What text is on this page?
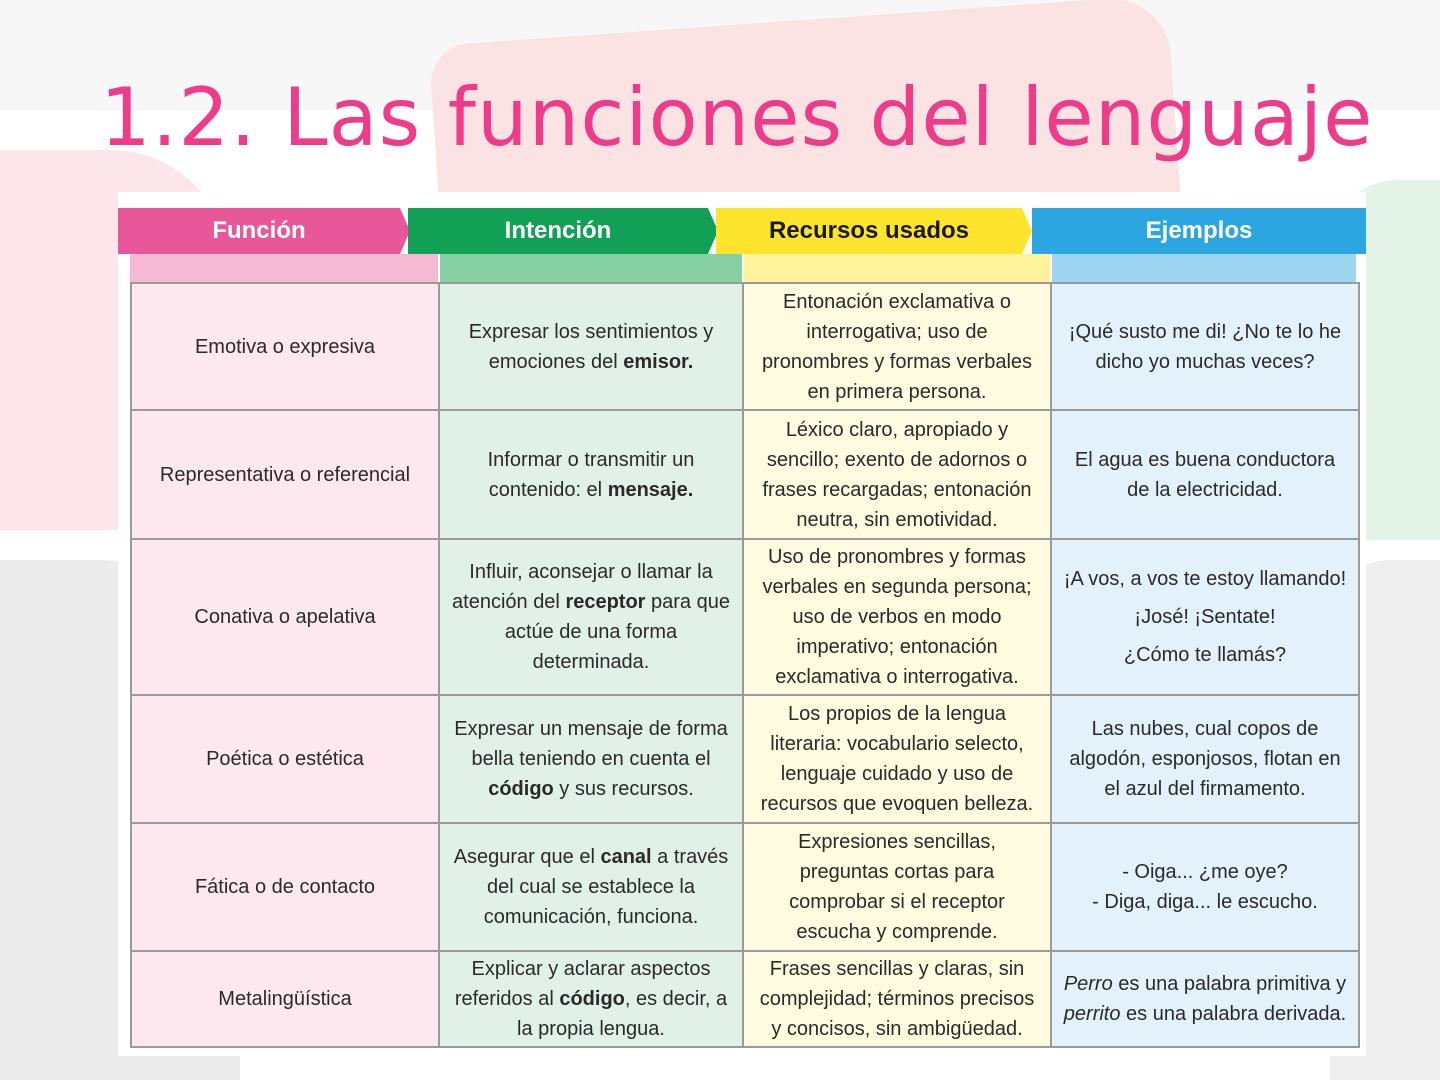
1.2. Las funciones del lenguaje
Función	Intención	Recursos usados	Ejemplos
Emotiva o expresiva	Expresar los sentimientos y emociones del emisor.	Entonación exclamativa o interrogativa; uso de pronombres y formas verbales en primera persona.	¡Qué susto me di! ¿No te lo he dicho yo muchas veces?

Representativa o referencial	Informar o transmitir un contenido: el mensaje.	Léxico claro, apropiado y sencillo; exento de adornos o frases recargadas; entonación neutra, sin emotividad.	El agua es buena conductora de la electricidad.

Conativa o apelativa	Influir, aconsejar o llamar la atención del receptor para que actúe de una forma determinada.	Uso de pronombres y formas verbales en segunda persona; uso de verbos en modo imperativo; entonación exclamativa o interrogativa.	¡A vos, a vos te estoy llamando!
¡José! ¡Sentate!
¿Cómo te llamás?

Poética o estética	Expresar un mensaje de forma bella teniendo en cuenta el código y sus recursos.	Los propios de la lengua literaria: vocabulario selecto, lenguaje cuidado y uso de recursos que evoquen belleza.	Las nubes, cual copos de algodón, esponjosos, flotan en el azul del firmamento.

Fática o de contacto	Asegurar que el canal a través del cual se establece la comunicación, funciona.	Expresiones sencillas, preguntas cortas para comprobar si el receptor escucha y comprende.	- Oiga... ¿me oye?
- Diga, diga... le escucho.

Metalingüística	Explicar y aclarar aspectos referidos al código, es decir, a la propia lengua.	Frases sencillas y claras, sin complejidad; términos precisos y concisos, sin ambigüedad.	Perro es una palabra primitiva y perrito es una palabra derivada.
